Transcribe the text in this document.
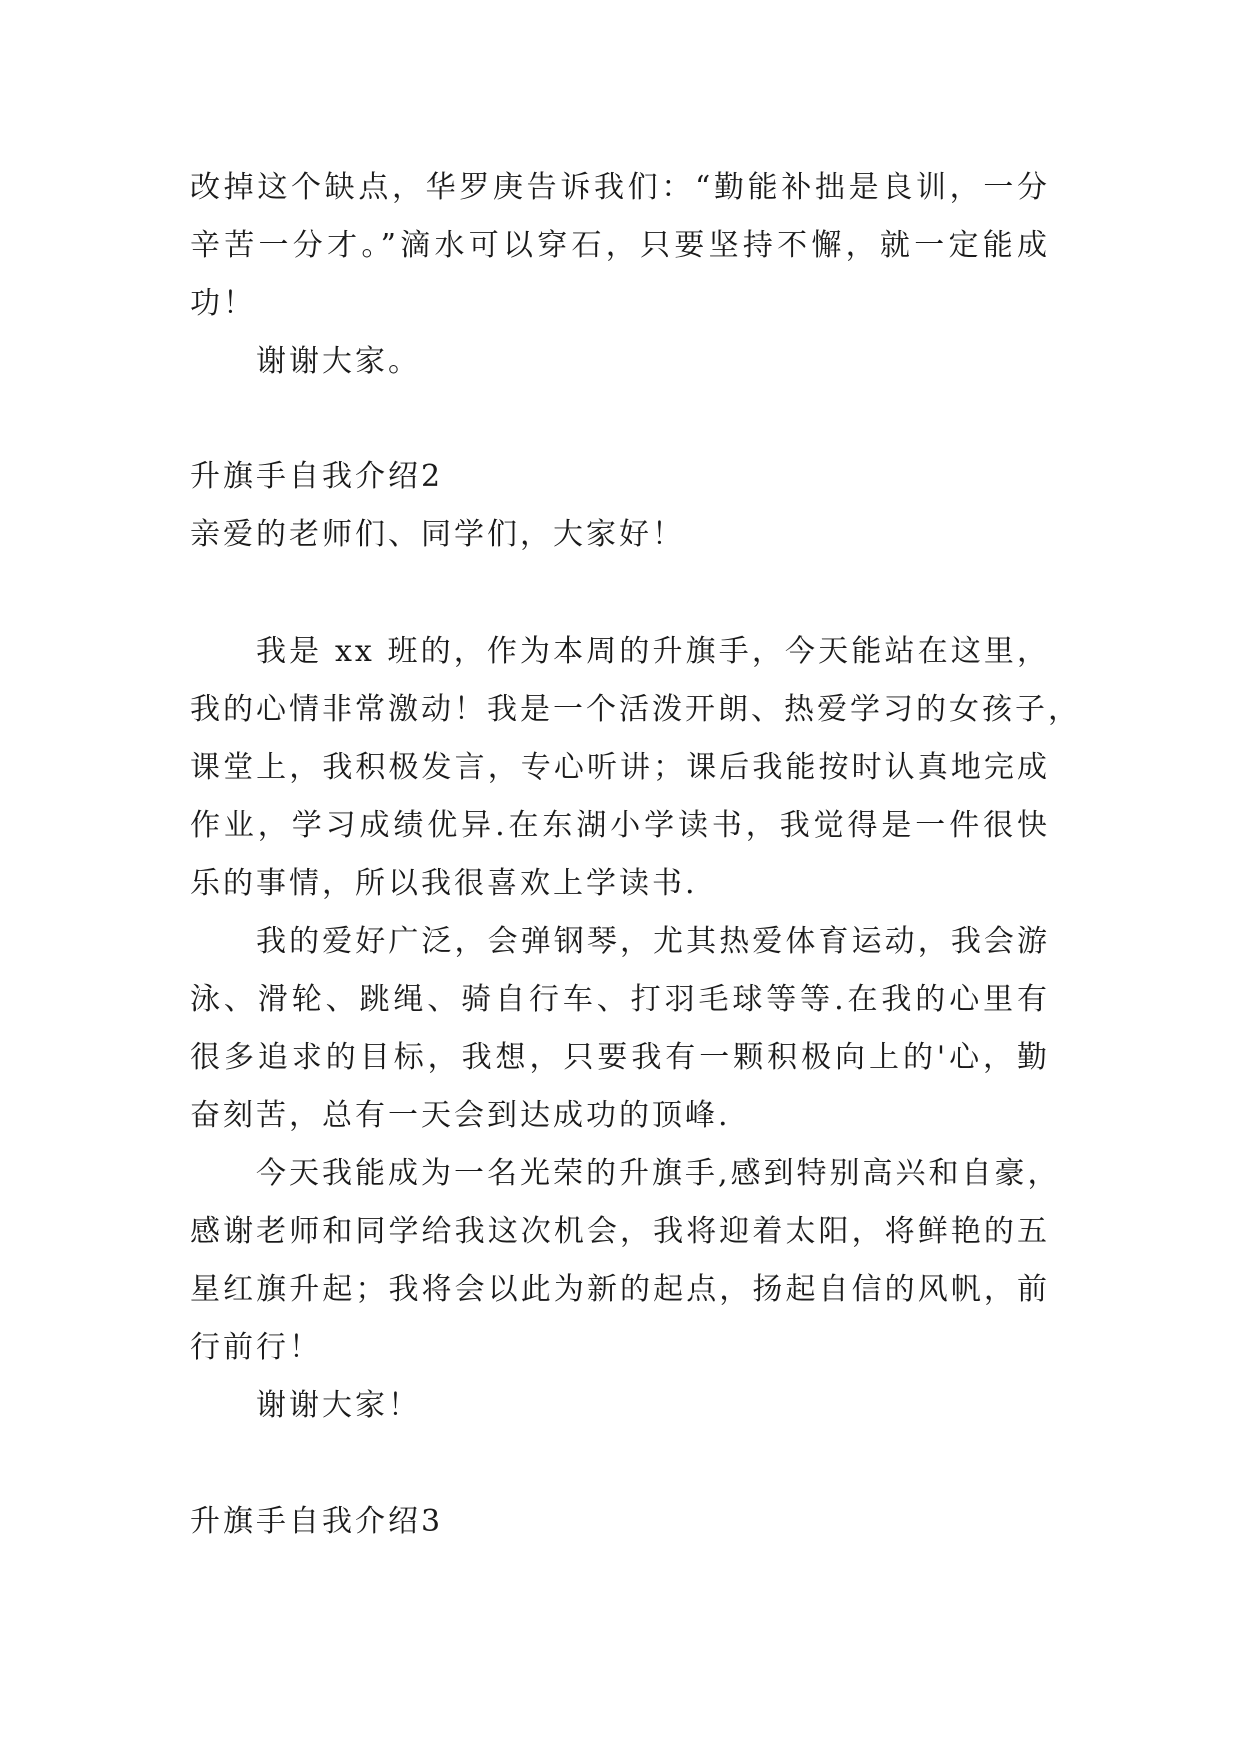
改掉这个缺点，华罗庚告诉我们：“勤能补拙是良训，一分
辛苦一分才。”滴水可以穿石，只要坚持不懈，就一定能成
功！
谢谢大家。
升旗手自我介绍2
亲爱的老师们、同学们，大家好！
我是 xx 班的，作为本周的升旗手，今天能站在这里，
我的心情非常激动！我是一个活泼开朗、热爱学习的女孩子，
课堂上，我积极发言，专心听讲；课后我能按时认真地完成
作业，学习成绩优异.在东湖小学读书，我觉得是一件很快
乐的事情，所以我很喜欢上学读书.
我的爱好广泛，会弹钢琴，尤其热爱体育运动，我会游
泳、滑轮、跳绳、骑自行车、打羽毛球等等.在我的心里有
很多追求的目标，我想，只要我有一颗积极向上的'心，勤
奋刻苦，总有一天会到达成功的顶峰.
今天我能成为一名光荣的升旗手,感到特别高兴和自豪，
感谢老师和同学给我这次机会，我将迎着太阳，将鲜艳的五
星红旗升起；我将会以此为新的起点，扬起自信的风帆，前
行前行！
谢谢大家！
升旗手自我介绍3
